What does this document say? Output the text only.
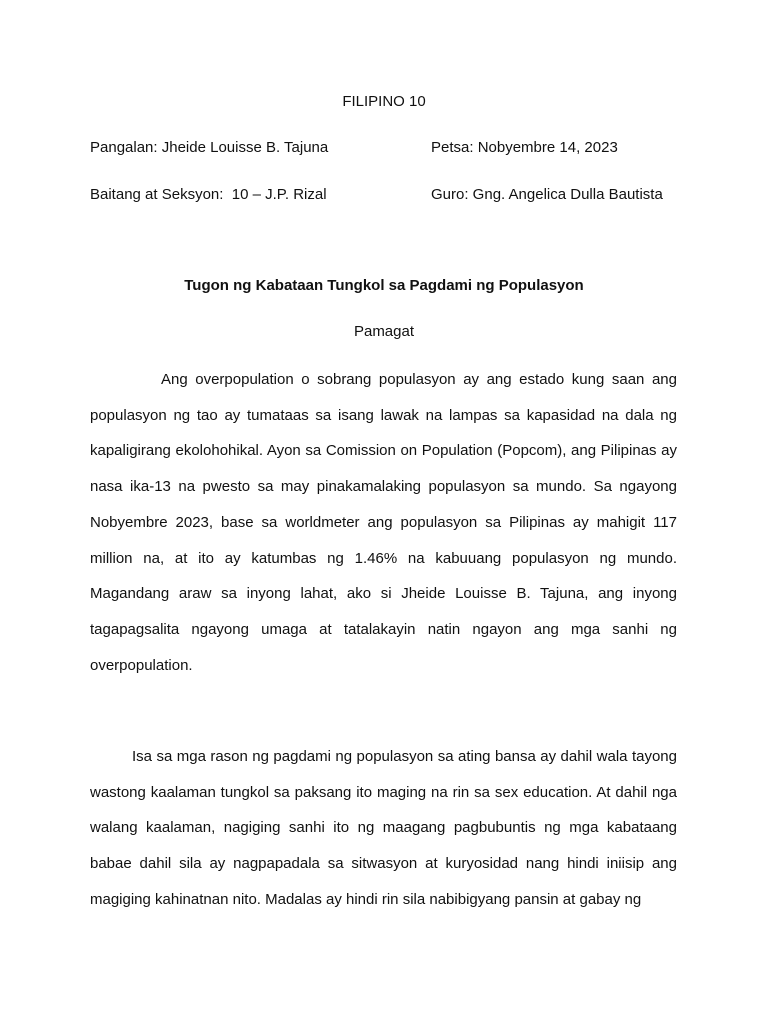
FILIPINO 10
Pangalan: Jheide Louisse B. Tajuna	Petsa: Nobyembre 14, 2023
Baitang at Seksyon:  10 – J.P. Rizal	Guro: Gng. Angelica Dulla Bautista
Tugon ng Kabataan Tungkol sa Pagdami ng Populasyon
Pamagat

Ang overpopulation o sobrang populasyon ay ang estado kung saan ang populasyon ng tao ay tumataas sa isang lawak na lampas sa kapasidad na dala ng kapaligirang ekolohohikal. Ayon sa Comission on Population (Popcom), ang Pilipinas ay nasa ika-13 na pwesto sa may pinakamalaking populasyon sa mundo. Sa ngayong Nobyembre 2023, base sa worldmeter ang populasyon sa Pilipinas ay mahigit 117 million na, at ito ay katumbas ng 1.46% na kabuuang populasyon ng mundo. Magandang araw sa inyong lahat, ako si Jheide Louisse B. Tajuna, ang inyong tagapagsalita ngayong umaga at tatalakayin natin ngayon ang mga sanhi ng overpopulation.

Isa sa mga rason ng pagdami ng populasyon sa ating bansa ay dahil wala tayong wastong kaalaman tungkol sa paksang ito maging na rin sa sex education. At dahil nga walang kaalaman, nagiging sanhi ito ng maagang pagbubuntis ng mga kabataang babae dahil sila ay nagpapadala sa sitwasyon at kuryosidad nang hindi iniisip ang magiging kahinatnan nito. Madalas ay hindi rin sila nabibigyang pansin at gabay ng
